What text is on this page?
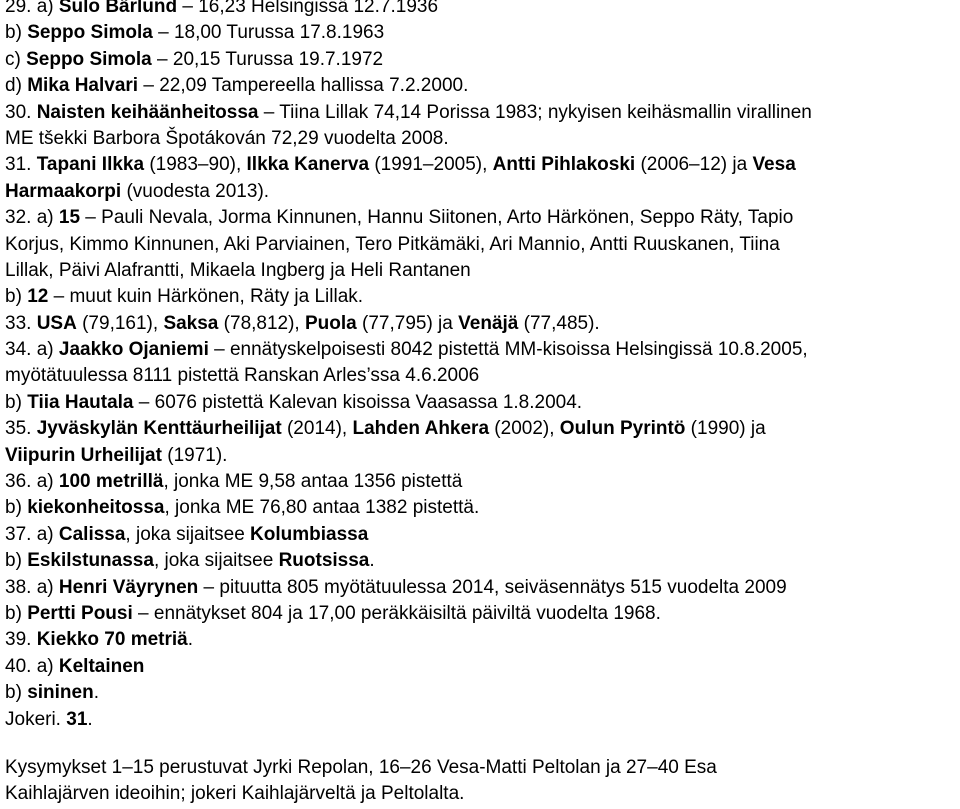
29. a) Sulo Bärlund – 16,23 Helsingissä 12.7.1936
b) Seppo Simola – 18,00 Turussa 17.8.1963
c) Seppo Simola – 20,15 Turussa 19.7.1972
d) Mika Halvari – 22,09 Tampereella hallissa 7.2.2000.
30. Naisten keihäänheitossa – Tiina Lillak 74,14 Porissa 1983; nykyisen keihäsmallin virallinen
ME tšekki Barbora Špotákován 72,29 vuodelta 2008.
31. Tapani Ilkka (1983–90), Ilkka Kanerva (1991–2005), Antti Pihlakoski (2006–12) ja Vesa
Harmaakorpi (vuodesta 2013).
32. a) 15 – Pauli Nevala, Jorma Kinnunen, Hannu Siitonen, Arto Härkönen, Seppo Räty, Tapio
Korjus, Kimmo Kinnunen, Aki Parviainen, Tero Pitkämäki, Ari Mannio, Antti Ruuskanen, Tiina
Lillak, Päivi Alafrantti, Mikaela Ingberg ja Heli Rantanen
b) 12 – muut kuin Härkönen, Räty ja Lillak.
33. USA (79,161), Saksa (78,812), Puola (77,795) ja Venäjä (77,485).
34. a) Jaakko Ojaniemi – ennätyskelpoisesti 8042 pistettä MM-kisoissa Helsingissä 10.8.2005,
myötätuulessa 8111 pistettä Ranskan Arles’ssa 4.6.2006
b) Tiia Hautala – 6076 pistettä Kalevan kisoissa Vaasassa 1.8.2004.
35. Jyväskylän Kenttäurheilijat (2014), Lahden Ahkera (2002), Oulun Pyrintö (1990) ja
Viipurin Urheilijat (1971).
36. a) 100 metrillä, jonka ME 9,58 antaa 1356 pistettä
b) kiekonheitossa, jonka ME 76,80 antaa 1382 pistettä.
37. a) Calissa, joka sijaitsee Kolumbiassa
b) Eskilstunassa, joka sijaitsee Ruotsissa.
38. a) Henri Väyrynen – pituutta 805 myötätuulessa 2014, seiväsennätys 515 vuodelta 2009
b) Pertti Pousi – ennätykset 804 ja 17,00 peräkkäisiltä päiviltä vuodelta 1968.
39. Kiekko 70 metriä.
40. a) Keltainen
b) sininen.
Jokeri. 31.
Kysymykset 1–15 perustuvat Jyrki Repolan, 16–26 Vesa-Matti Peltolan ja 27–40 Esa
Kaihlajärven ideoihin; jokeri Kaihlajärveltä ja Peltolalta.
